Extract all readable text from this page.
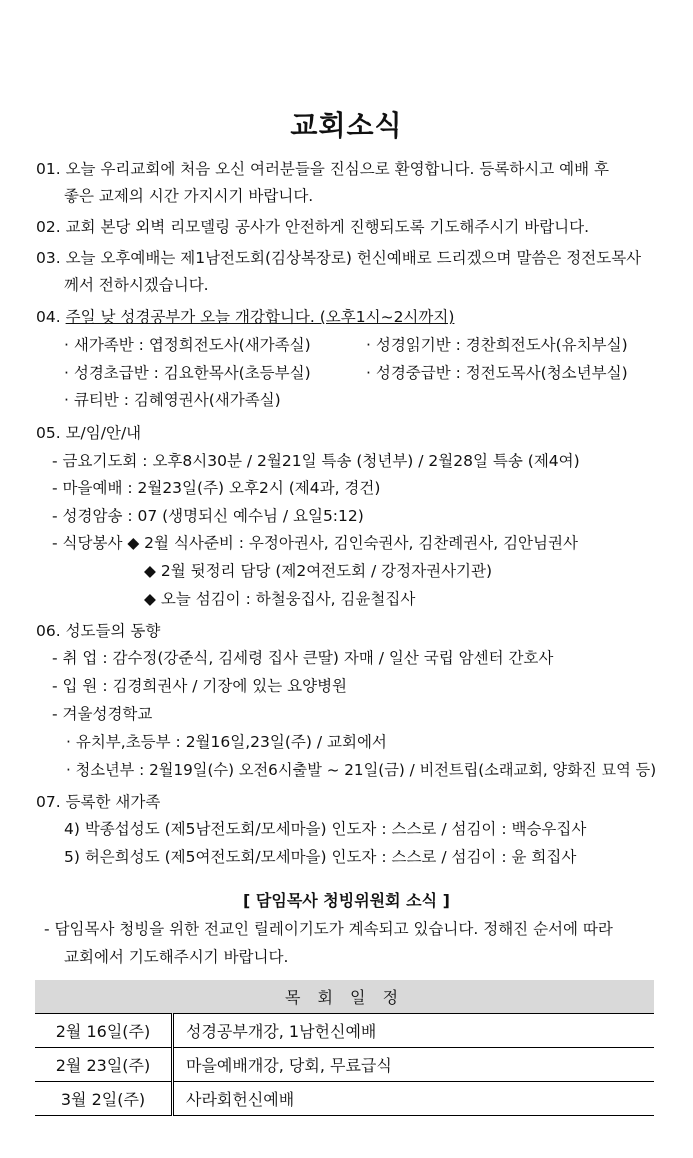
교회소식
01. 오늘 우리교회에 처음 오신 여러분들을 진심으로 환영합니다. 등록하시고 예배 후
좋은 교제의 시간 가지시기 바랍니다.
02. 교회 본당 외벽 리모델링 공사가 안전하게 진행되도록 기도해주시기 바랍니다.
03. 오늘 오후예배는 제1남전도회(김상복장로) 헌신예배로 드리겠으며 말씀은 정전도목사
께서 전하시겠습니다.
04. 주일 낮 성경공부가 오늘 개강합니다. (오후1시~2시까지)
· 새가족반 : 엽정희전도사(새가족실)	· 성경읽기반 : 경찬희전도사(유치부실)
· 성경초급반 : 김요한목사(초등부실)	· 성경중급반 : 정전도목사(청소년부실)
· 큐티반 : 김혜영권사(새가족실)
05. 모/임/안/내
- 금요기도회 : 오후8시30분 / 2월21일 특송 (청년부) / 2월28일 특송 (제4여)
- 마을예배 : 2월23일(주) 오후2시 (제4과, 경건)
- 성경암송 : 07 (생명되신 예수님 / 요일5:12)
- 식당봉사 ◆ 2월 식사준비 : 우정아권사, 김인숙권사, 김찬례권사, 김안님권사
◆ 2월 뒷정리 담당 (제2여전도회 / 강정자권사기관)
◆ 오늘 섬김이 : 하철웅집사, 김윤철집사
06. 성도들의 동향
- 취 업 : 감수정(강준식, 김세령 집사 큰딸) 자매 / 일산 국립 암센터 간호사
- 입 원 : 김경희권사 / 기장에 있는 요양병원
- 겨울성경학교
· 유치부,초등부 : 2월16일,23일(주) / 교회에서
· 청소년부 : 2월19일(수) 오전6시출발 ~ 21일(금) / 비전트립(소래교회, 양화진 묘역 등)
07. 등록한 새가족
4) 박종섭성도 (제5남전도회/모세마을) 인도자 : 스스로 / 섬김이 : 백승우집사
5) 허은희성도 (제5여전도회/모세마을) 인도자 : 스스로 / 섬김이 : 윤 희집사
[ 담임목사 청빙위원회 소식 ]
- 담임목사 청빙을 위한 전교인 릴레이기도가 계속되고 있습니다. 정해진 순서에 따라
교회에서 기도해주시기 바랍니다.
목 회 일 정	
2월 16일(주)	성경공부개강, 1남헌신예배
2월 23일(주)	마을예배개강, 당회, 무료급식
3월 2일(주)	사라회헌신예배
